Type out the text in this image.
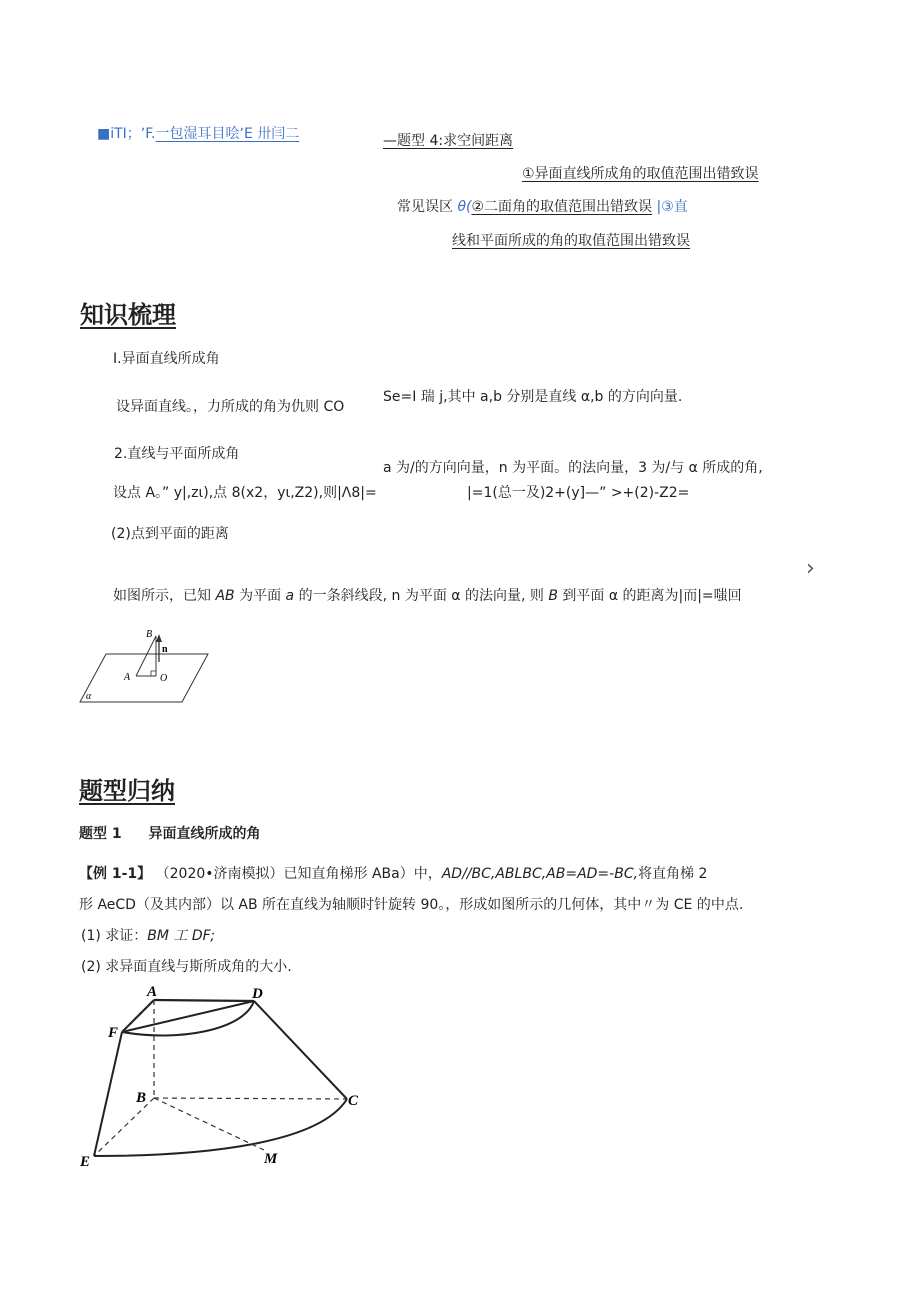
■iTI；ʼF.一包湿耳目哙ʼE 卅闫二	—题型 4:求空间距离
①异面直线所成角的取值范围出错致误
常见误区 θ(②二面角的取值范围出错致误 |③直
线和平面所成的角的取值范围出错致误
知识梳理
I.异面直线所成角
设异面直线。，力所成的角为仇则 CO
Se=I 瑞 j,其中 a,b 分别是直线 α,b 的方向向量.
2.直线与平面所成角
a 为/的方向向量，n 为平面。的法向量，3 为/与 α 所成的角,
设点 A。” y|,zι),点 8(x2，yι,Z2),则|Λ8|=	|=1(总一及)2+(y]—” >+(2)-Z2=
(2)点到平面的距离
如图所示，已知 AB 为平面 a 的一条斜线段, n 为平面 α 的法向量, 则 B 到平面 α 的距离为|而|=嗤回
›
B
n
A	O
α
题型归纳
题型 1 异面直线所成的角
【例 1-1】 （2020•济南模拟）已知直角梯形 ABa）中，AD//BC,ABLBC,AB=AD=-BC,将直角梯 2
形 AeCD（及其内部）以 AB 所在直线为轴顺时针旋转 90。，形成如图所示的几何体，其中〃为 CE 的中点.
(1) 求证：BM 工 DF;
(2) 求异面直线与斯所成角的大小.
A	D
F
B	C
E	M
